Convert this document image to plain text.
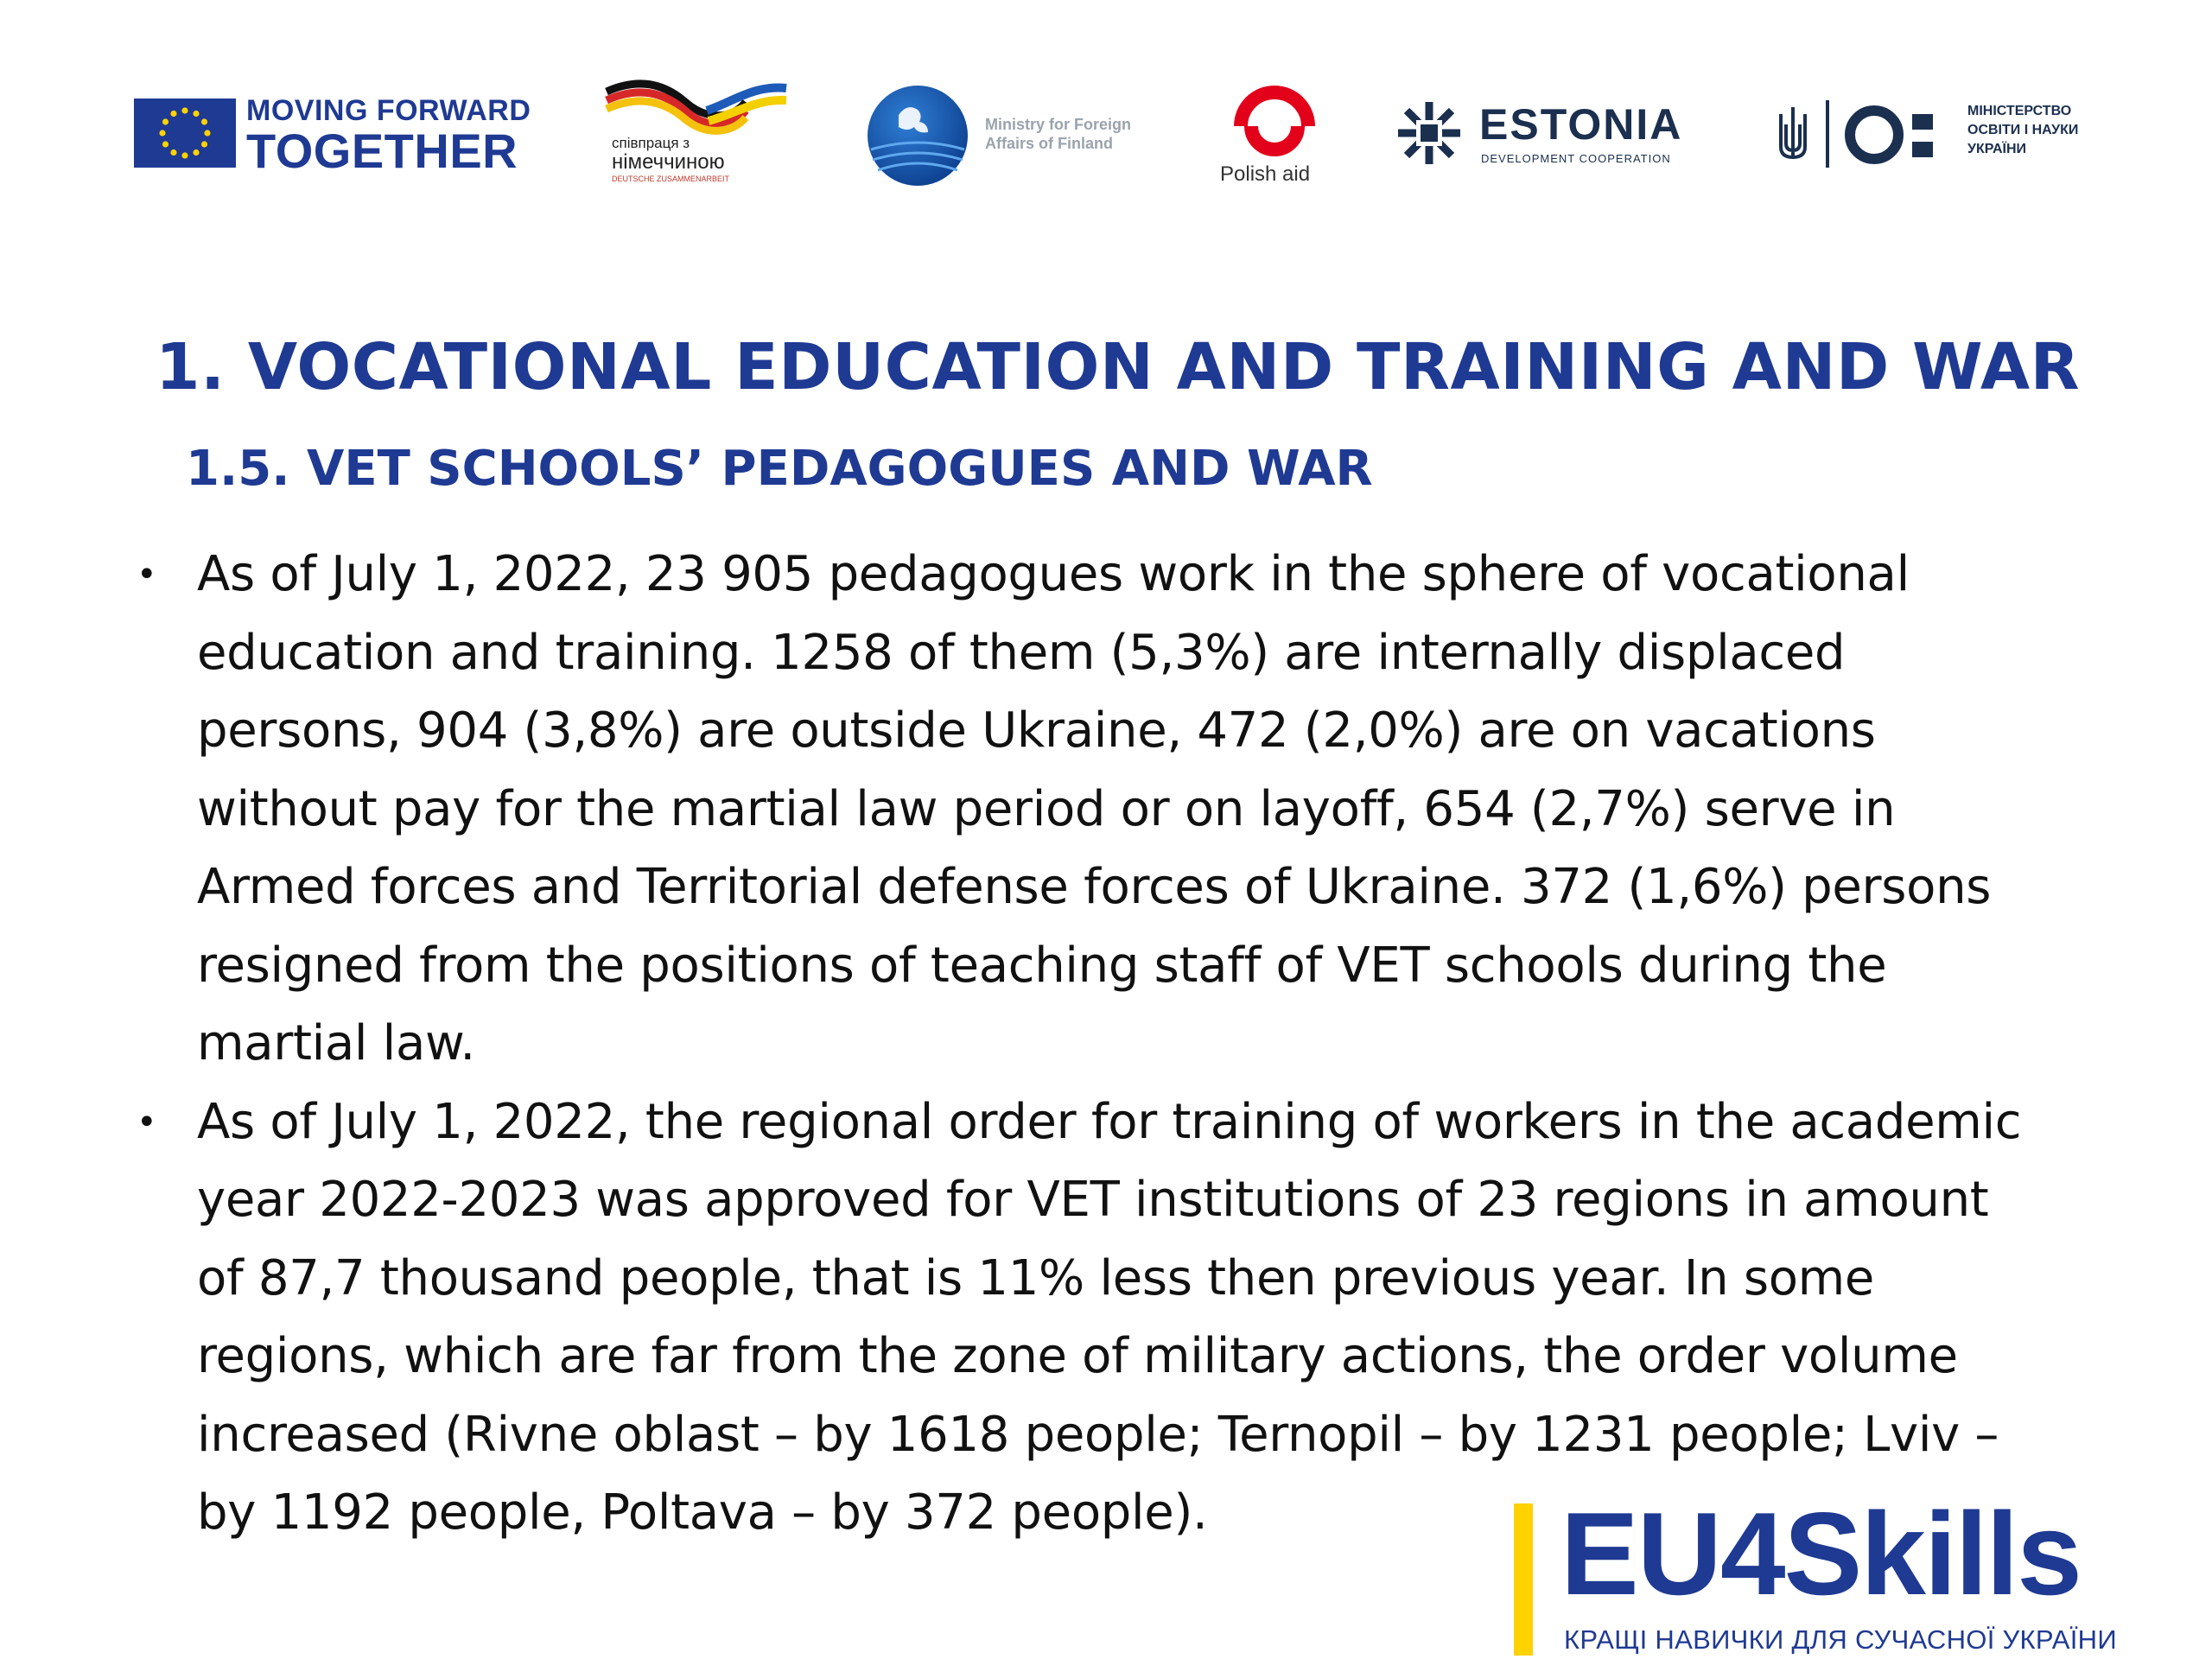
MOVING FORWARD
TOGETHER	співпраця з
німеччиною
DEUTSCHE ZUSAMMENARBEIT
Ministry for Foreign
Affairs of Finland
Polish aid
ESTONIA
DEVELOPMENT COOPERATION
МІНІСТЕРСТВО
ОСВІТИ І НАУКИ
УКРАЇНИ
1. VOCATIONAL EDUCATION AND TRAINING AND WAR
1.5. VET SCHOOLS’ PEDAGOGUES AND WAR
• As of July 1, 2022, 23 905 pedagogues work in the sphere of vocational
education and training. 1258 of them (5,3%) are internally displaced
persons, 904 (3,8%) are outside Ukraine, 472 (2,0%) are on vacations
without pay for the martial law period or on layoff, 654 (2,7%) serve in
Armed forces and Territorial defense forces of Ukraine. 372 (1,6%) persons
resigned from the positions of teaching staff of VET schools during the
martial law.
• As of July 1, 2022, the regional order for training of workers in the academic
year 2022-2023 was approved for VET institutions of 23 regions in amount
of 87,7 thousand people, that is 11% less then previous year. In some
regions, which are far from the zone of military actions, the order volume
increased (Rivne oblast – by 1618 people; Ternopil – by 1231 people; Lviv –
by 1192 people, Poltava – by 372 people).	EU4Skills
КРАЩІ НАВИЧКИ ДЛЯ СУЧАСНОЇ УКРАЇНИ
